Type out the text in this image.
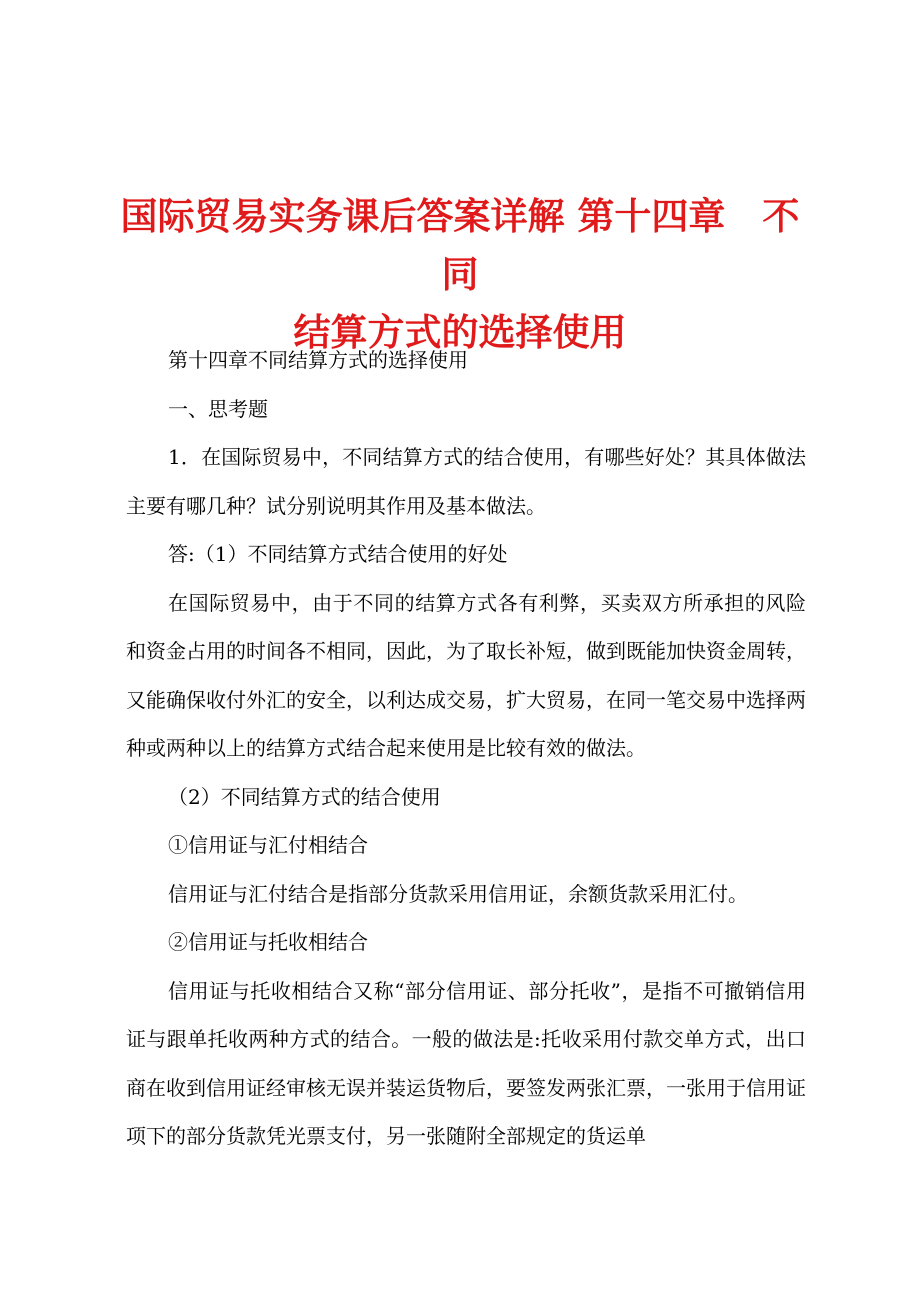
国际贸易实务课后答案详解 第十四章　不同
结算方式的选择使用

第十四章不同结算方式的选择使用

一、思考题

1．在国际贸易中，不同结算方式的结合使用，有哪些好处？其具体做法主要有哪几种？试分别说明其作用及基本做法。

答:（1）不同结算方式结合使用的好处

在国际贸易中，由于不同的结算方式各有利弊，买卖双方所承担的风险和资金占用的时间各不相同，因此，为了取长补短，做到既能加快资金周转，又能确保收付外汇的安全，以利达成交易，扩大贸易，在同一笔交易中选择两种或两种以上的结算方式结合起来使用是比较有效的做法。

（2）不同结算方式的结合使用

①信用证与汇付相结合

信用证与汇付结合是指部分货款采用信用证，余额货款采用汇付。

②信用证与托收相结合

信用证与托收相结合又称“部分信用证、部分托收”，是指不可撤销信用证与跟单托收两种方式的结合。一般的做法是:托收采用付款交单方式，出口商在收到信用证经审核无误并装运货物后，要签发两张汇票，一张用于信用证项下的部分货款凭光票支付，另一张随附全部规定的货运单
